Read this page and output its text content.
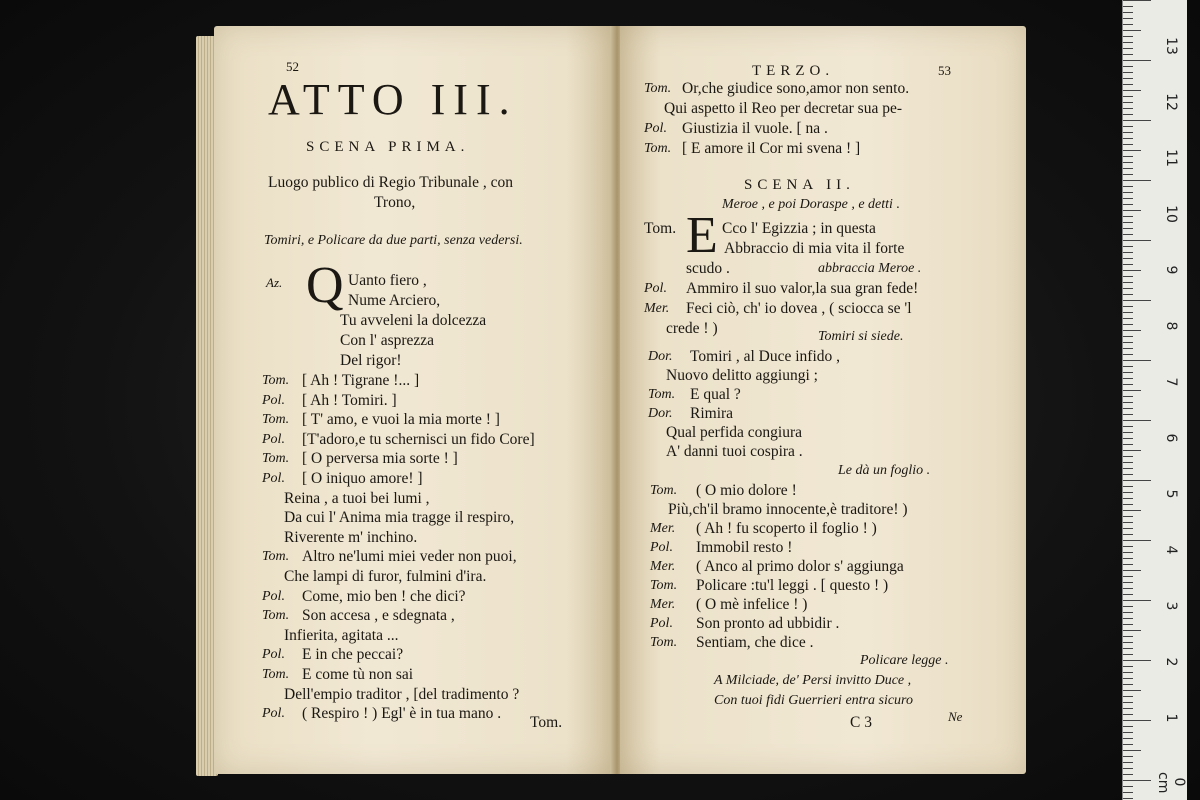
52
ATTO III.
SCENA PRIMA.
Luogo publico di Regio Tribunale , con
Trono,
Tomiri, e Policare da due parti, senza vedersi.
Az. Q Uanto fiero ,
Nume Arciero,
Tu avveleni la dolcezza
Con l' asprezza
Del rigor!
Tom. [ Ah ! Tigrane !... ]
Pol. [ Ah ! Tomiri. ]
Tom. [ T' amo, e vuoi la mia morte ! ]
Pol. [T'adoro,e tu schernisci un fido Core]
Tom. [ O perversa mia sorte ! ]
Pol. [ O iniquo amore! ]
Reina , a tuoi bei lumi ,
Da cui l' Anima mia tragge il respiro,
Riverente m' inchino.
Tom. Altro ne'lumi miei veder non puoi,
Che lampi di furor, fulmini d'ira.
Pol. Come, mio ben ! che dici?
Tom. Son accesa , e sdegnata ,
Infierita, agitata ...
Pol. E in che peccai?
Tom. E come tù non sai
Dell'empio traditor , [del tradimento ?
Pol. ( Respiro ! ) Egl' è in tua mano .
Tom.
TERZO.	53
Tom. Or,che giudice sono,amor non sento.
Qui aspetto il Reo per decretar sua pe-
Pol. Giustizia il vuole. [ na .
Tom. [ E amore il Cor mi svena ! ]
SCENA II.
Meroe , e poi Doraspe , e detti .
Tom. E Cco l' Egizzia ; in questa
Abbraccio di mia vita il forte
scudo .	abbraccia Meroe .
Pol. Ammiro il suo valor,la sua gran fede!
Mer. Feci ciò, ch' io dovea , ( sciocca se 'l
crede ! )	Tomiri si siede.
Dor. Tomiri , al Duce infido ,
Nuovo delitto aggiungi ;
Tom. E qual ?
Dor. Rimira
Qual perfida congiura
A' danni tuoi cospira .
Le dà un foglio .
Tom. ( O mio dolore !
Più,ch'il bramo innocente,è traditore! )
Mer. ( Ah ! fu scoperto il foglio ! )
Pol. Immobil resto !
Mer. ( Anco al primo dolor s' aggiunga
Tom. Policare :tu'l leggi . [ questo ! )
Mer. ( O mè infelice ! )
Pol. Son pronto ad ubbidir .
Tom. Sentiam, che dice .
Policare legge .
A Milciade, de' Persi invitto Duce ,
Con tuoi fidi Guerrieri entra sicuro
C 3	Ne
13
12
11
10
9
8
7
6
5
4
3
2
1
0 cm
